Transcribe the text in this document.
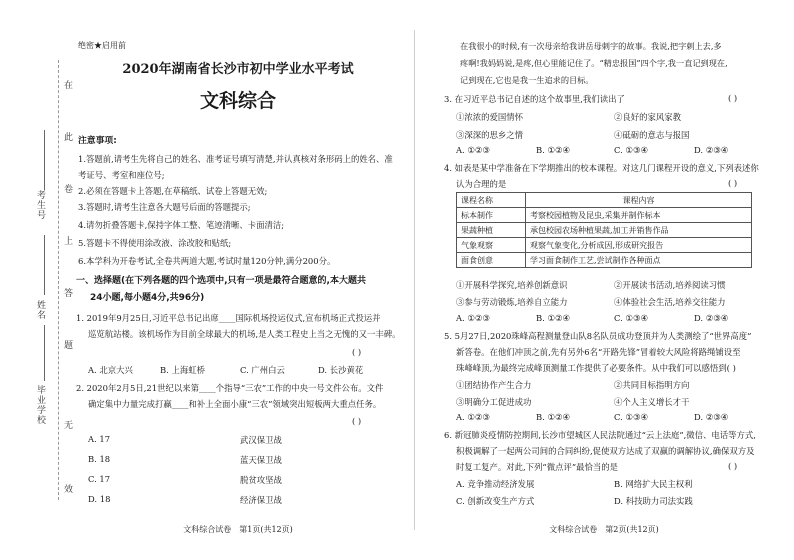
在
此
卷
上
答
题
无
效
考生号
姓名
毕业学校
绝密★启用前
2020年湖南省长沙市初中学业水平考试
文科综合
注意事项:
1.答题前,请考生先将自己的姓名、准考证号填写清楚,并认真核对条形码上的姓名、准
考证号、考室和座位号;
2.必须在答题卡上答题,在草稿纸、试卷上答题无效;
3.答题时,请考生注意各大题号后面的答题提示;
4.请勿折叠答题卡,保持字体工整、笔迹清晰、卡面清洁;
5.答题卡不得使用涂改液、涂改胶和贴纸;
6.本学科为开卷考试,全卷共两道大题,考试时量120分钟,满分200分。
一、选择题(在下列各题的四个选项中,只有一项是最符合题意的,本大题共
24小题,每小题4分,共96分)
1. 2019年9月25日,习近平总书记出席____国际机场投运仪式,宣布机场正式投运并
巡览航站楼。该机场作为目前全球最大的机场,是人类工程史上当之无愧的又一丰碑。
( )
A. 北京大兴	B. 上海虹桥	C. 广州白云	D. 长沙黄花
2. 2020年2月5日,21世纪以来第____个指导“三农”工作的中央一号文件公布。文件
确定集中力量完成打赢____和补上全面小康“三农”领域突出短板两大重点任务。
( )
A. 17	武汉保卫战
B. 18	蓝天保卫战
C. 17	脱贫攻坚战
D. 18	经济保卫战
文科综合试卷　第1页(共12页)
在我很小的时候,有一次母亲给我讲岳母刺字的故事。我说,把字刺上去,多
疼啊!我妈妈说,是疼,但心里能记住了。“精忠报国”四个字,我一直记到现在,
记到现在,它也是我一生追求的目标。
3. 在习近平总书记自述的这个故事里,我们读出了	( )
①浓浓的爱国情怀	②良好的家风家教
③深深的思乡之情	④砥砺的意志与报国
A. ①②③	B. ①②④	C. ①③④	D. ②③④
4. 如表是某中学准备在下学期推出的校本课程。对这几门课程开设的意义,下列表述你
认为合理的是	( )
课程名称	课程内容
标本制作	考察校园植物及昆虫,采集并制作标本
果蔬种植	承包校园农场种植果蔬,加工并销售作品
气象观察	观察气象变化,分析成因,形成研究报告
面食创意	学习面食制作工艺,尝试制作各种面点
①开展科学探究,培养创新意识	②开展读书活动,培养阅读习惯
③参与劳动锻炼,培养自立能力	④体验社会生活,培养交往能力
A. ①②③	B. ①②④	C. ①③④	D. ②③④
5. 5月27日,2020珠峰高程测量登山队8名队员成功登顶并为人类测绘了“世界高度”
新答卷。在他们冲顶之前,先有另外6名“开路先锋”冒着较大风险将路绳铺设至
珠峰峰顶,为最终完成峰顶测量工作提供了必要条件。从中我们可以感悟到( )
①团结协作产生合力	②共同目标指明方向
③明确分工促进成功	④个人主义增长才干
A. ①②③	B. ①②④	C. ①③④	D. ②③④
6. 新冠肺炎疫情防控期间,长沙市望城区人民法院通过“云上法庭”,微信、电话等方式,
积极调解了一起两公司间的合同纠纷,促使双方达成了双赢的调解协议,确保双方及
时复工复产。对此,下列“微点评”最恰当的是	( )
A. 竞争推动经济发展	B. 网络扩大民主权利
C. 创新改变生产方式	D. 科技助力司法实践
文科综合试卷　第2页(共12页)
